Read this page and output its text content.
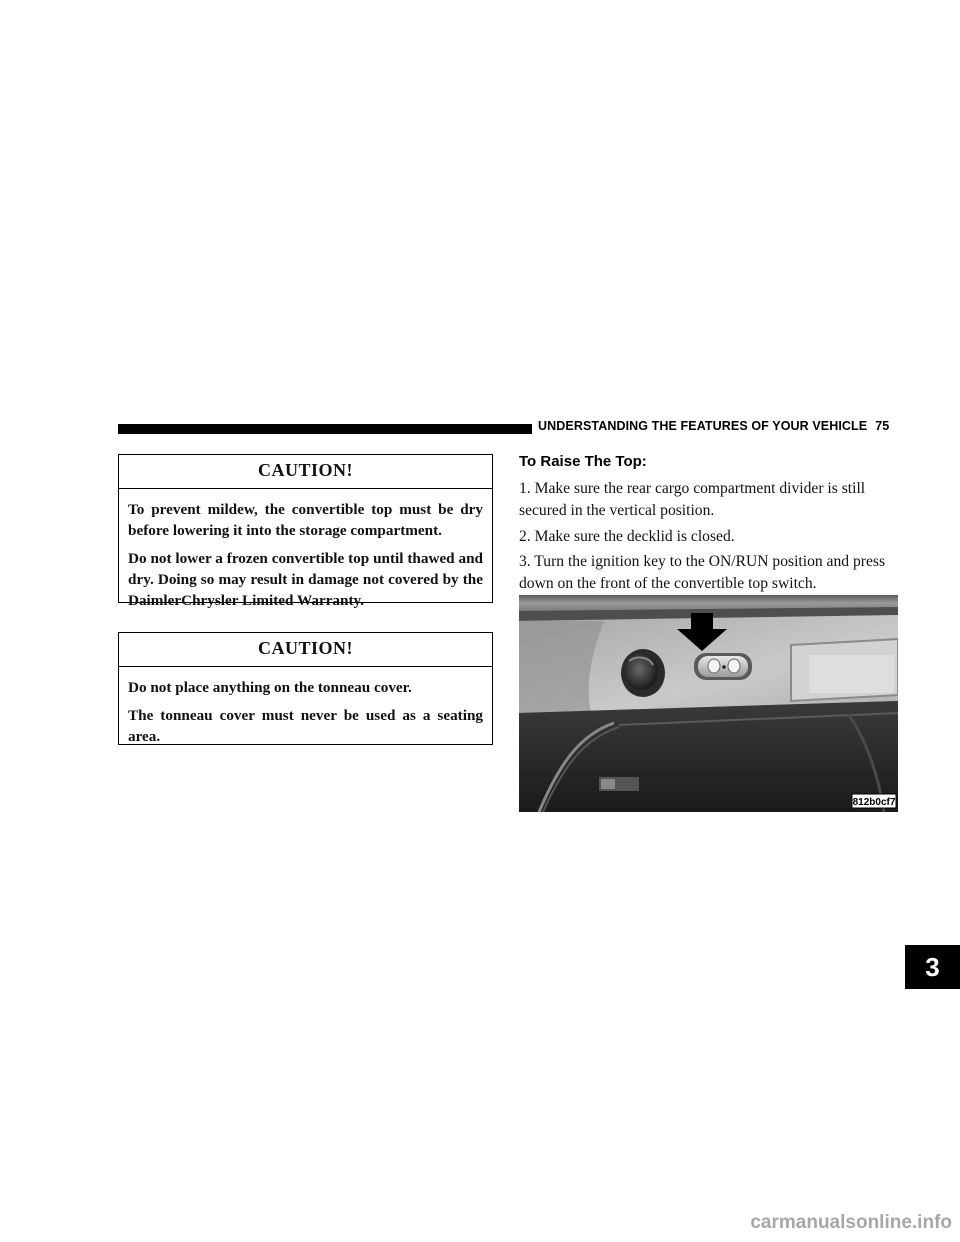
UNDERSTANDING THE FEATURES OF YOUR VEHICLE 75
CAUTION!

To prevent mildew, the convertible top must be dry before lowering it into the storage compartment.

Do not lower a frozen convertible top until thawed and dry. Doing so may result in damage not covered by the DaimlerChrysler Limited Warranty.

CAUTION!

Do not place anything on the tonneau cover.

The tonneau cover must never be used as a seating area.

To Raise The Top:

1. Make sure the rear cargo compartment divider is still secured in the vertical position.

2. Make sure the decklid is closed.

3. Turn the ignition key to the ON/RUN position and press down on the front of the convertible top switch.

812b0cf7
3
carmanualsonline.info
